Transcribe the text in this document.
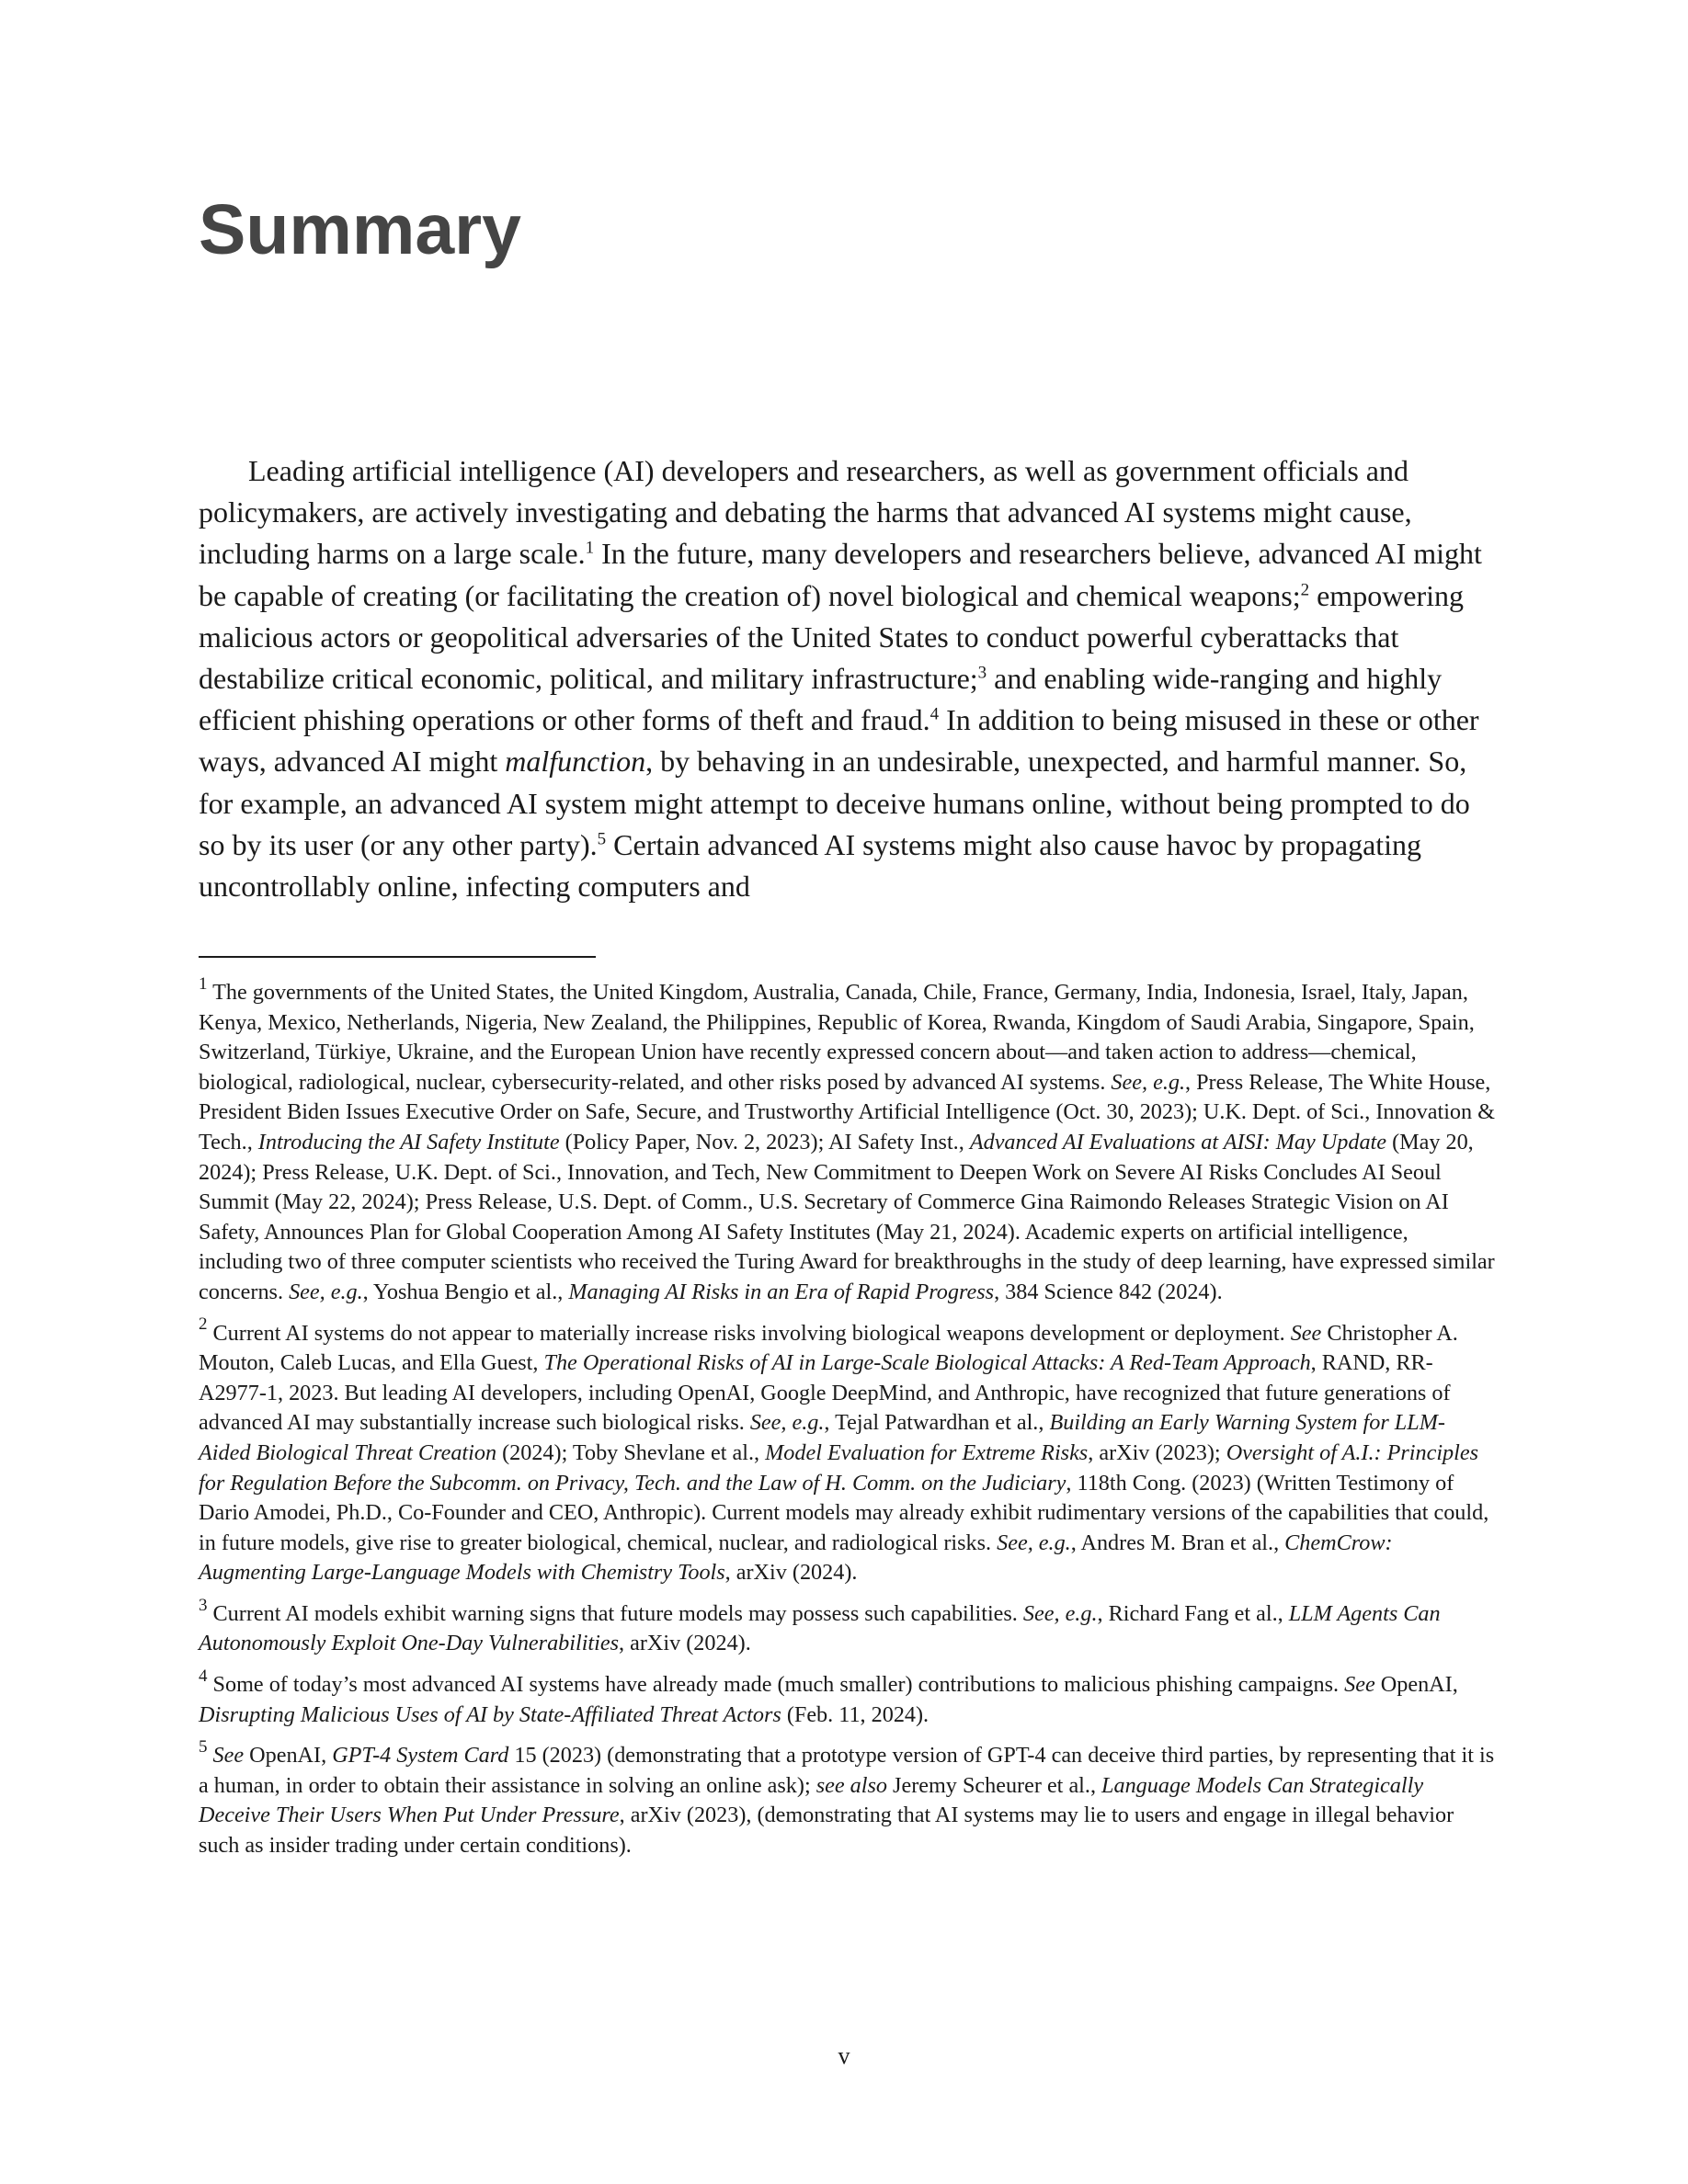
Summary

Leading artificial intelligence (AI) developers and researchers, as well as government officials and policymakers, are actively investigating and debating the harms that advanced AI systems might cause, including harms on a large scale.$^1$ In the future, many developers and researchers believe, advanced AI might be capable of creating (or facilitating the creation of) novel biological and chemical weapons;$^2$ empowering malicious actors or geopolitical adversaries of the United States to conduct powerful cyberattacks that destabilize critical economic, political, and military infrastructure;$^3$ and enabling wide-ranging and highly efficient phishing operations or other forms of theft and fraud.$^4$ In addition to being misused in these or other ways, advanced AI might malfunction, by behaving in an undesirable, unexpected, and harmful manner. So, for example, an advanced AI system might attempt to deceive humans online, without being prompted to do so by its user (or any other party).$^5$ Certain advanced AI systems might also cause havoc by propagating uncontrollably online, infecting computers and

$^1$ The governments of the United States, the United Kingdom, Australia, Canada, Chile, France, Germany, India, Indonesia, Israel, Italy, Japan, Kenya, Mexico, Netherlands, Nigeria, New Zealand, the Philippines, Republic of Korea, Rwanda, Kingdom of Saudi Arabia, Singapore, Spain, Switzerland, Türkiye, Ukraine, and the European Union have recently expressed concern about—and taken action to address—chemical, biological, radiological, nuclear, cybersecurity-related, and other risks posed by advanced AI systems. See, e.g., Press Release, The White House, President Biden Issues Executive Order on Safe, Secure, and Trustworthy Artificial Intelligence (Oct. 30, 2023); U.K. Dept. of Sci., Innovation & Tech., Introducing the AI Safety Institute (Policy Paper, Nov. 2, 2023); AI Safety Inst., Advanced AI Evaluations at AISI: May Update (May 20, 2024); Press Release, U.K. Dept. of Sci., Innovation, and Tech, New Commitment to Deepen Work on Severe AI Risks Concludes AI Seoul Summit (May 22, 2024); Press Release, U.S. Dept. of Comm., U.S. Secretary of Commerce Gina Raimondo Releases Strategic Vision on AI Safety, Announces Plan for Global Cooperation Among AI Safety Institutes (May 21, 2024). Academic experts on artificial intelligence, including two of three computer scientists who received the Turing Award for breakthroughs in the study of deep learning, have expressed similar concerns. See, e.g., Yoshua Bengio et al., Managing AI Risks in an Era of Rapid Progress, 384 Science 842 (2024).

$^2$ Current AI systems do not appear to materially increase risks involving biological weapons development or deployment. See Christopher A. Mouton, Caleb Lucas, and Ella Guest, The Operational Risks of AI in Large-Scale Biological Attacks: A Red-Team Approach, RAND, RR-A2977-1, 2023. But leading AI developers, including OpenAI, Google DeepMind, and Anthropic, have recognized that future generations of advanced AI may substantially increase such biological risks. See, e.g., Tejal Patwardhan et al., Building an Early Warning System for LLM-Aided Biological Threat Creation (2024); Toby Shevlane et al., Model Evaluation for Extreme Risks, arXiv (2023); Oversight of A.I.: Principles for Regulation Before the Subcomm. on Privacy, Tech. and the Law of H. Comm. on the Judiciary, 118th Cong. (2023) (Written Testimony of Dario Amodei, Ph.D., Co-Founder and CEO, Anthropic). Current models may already exhibit rudimentary versions of the capabilities that could, in future models, give rise to greater biological, chemical, nuclear, and radiological risks. See, e.g., Andres M. Bran et al., ChemCrow: Augmenting Large-Language Models with Chemistry Tools, arXiv (2024).

$^3$ Current AI models exhibit warning signs that future models may possess such capabilities. See, e.g., Richard Fang et al., LLM Agents Can Autonomously Exploit One-Day Vulnerabilities, arXiv (2024).

$^4$ Some of today’s most advanced AI systems have already made (much smaller) contributions to malicious phishing campaigns. See OpenAI, Disrupting Malicious Uses of AI by State-Affiliated Threat Actors (Feb. 11, 2024).

$^5$ See OpenAI, GPT-4 System Card 15 (2023) (demonstrating that a prototype version of GPT-4 can deceive third parties, by representing that it is a human, in order to obtain their assistance in solving an online ask); see also Jeremy Scheurer et al., Language Models Can Strategically Deceive Their Users When Put Under Pressure, arXiv (2023), (demonstrating that AI systems may lie to users and engage in illegal behavior such as insider trading under certain conditions).

v
